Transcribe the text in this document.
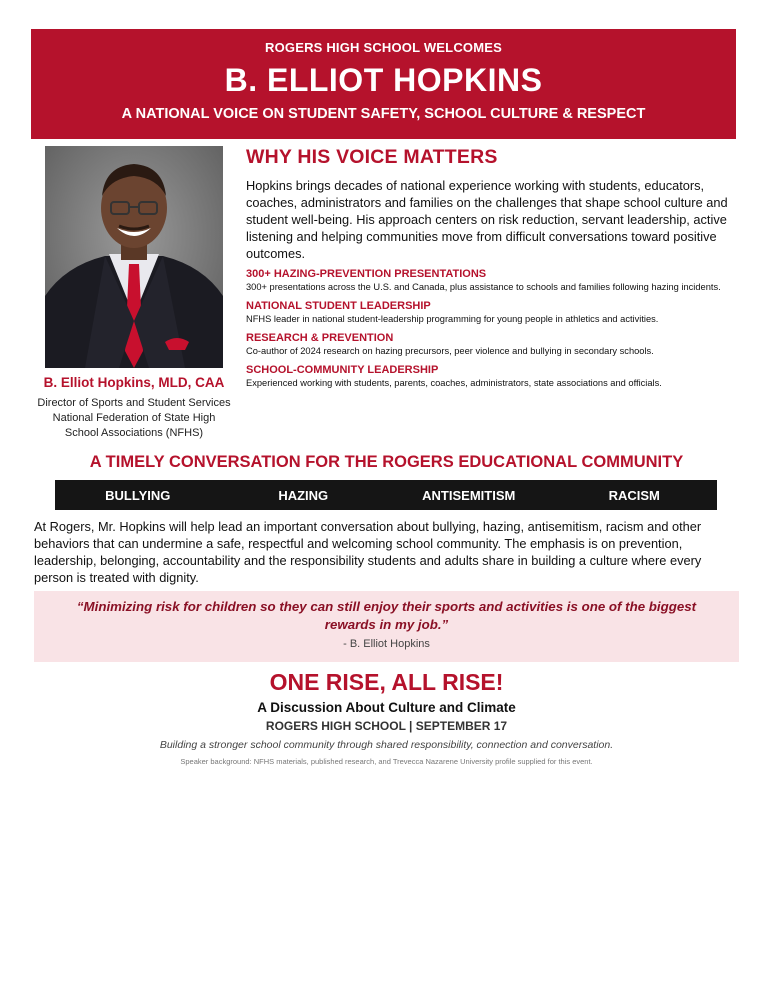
ROGERS HIGH SCHOOL WELCOMES
B. ELLIOT HOPKINS
A NATIONAL VOICE ON STUDENT SAFETY, SCHOOL CULTURE & RESPECT
B. Elliot Hopkins, MLD, CAA
Director of Sports and Student Services
National Federation of State High
School Associations (NFHS)
WHY HIS VOICE MATTERS

Hopkins brings decades of national experience working with students, educators, coaches, administrators and families on the challenges that shape school culture and student well-being. His approach centers on risk reduction, servant leadership, active listening and helping communities move from difficult conversations toward positive outcomes.

300+ HAZING-PREVENTION PRESENTATIONS
300+ presentations across the U.S. and Canada, plus assistance to schools and families following hazing incidents.
NATIONAL STUDENT LEADERSHIP
NFHS leader in national student-leadership programming for young people in athletics and activities.
RESEARCH & PREVENTION
Co-author of 2024 research on hazing precursors, peer violence and bullying in secondary schools.
SCHOOL-COMMUNITY LEADERSHIP
Experienced working with students, parents, coaches, administrators, state associations and officials.
A TIMELY CONVERSATION FOR THE ROGERS EDUCATIONAL COMMUNITY
BULLYING	HAZING	ANTISEMITISM	RACISM
At Rogers, Mr. Hopkins will help lead an important conversation about bullying, hazing, antisemitism, racism and other behaviors that can undermine a safe, respectful and welcoming school community. The emphasis is on prevention, leadership, belonging, accountability and the responsibility students and adults share in building a culture where every person is treated with dignity.
“Minimizing risk for children so they can still enjoy their sports and activities is one of the biggest rewards in my job.”
- B. Elliot Hopkins
ONE RISE, ALL RISE!
A Discussion About Culture and Climate
ROGERS HIGH SCHOOL | SEPTEMBER 17
Building a stronger school community through shared responsibility, connection and conversation.
Speaker background: NFHS materials, published research, and Trevecca Nazarene University profile supplied for this event.
